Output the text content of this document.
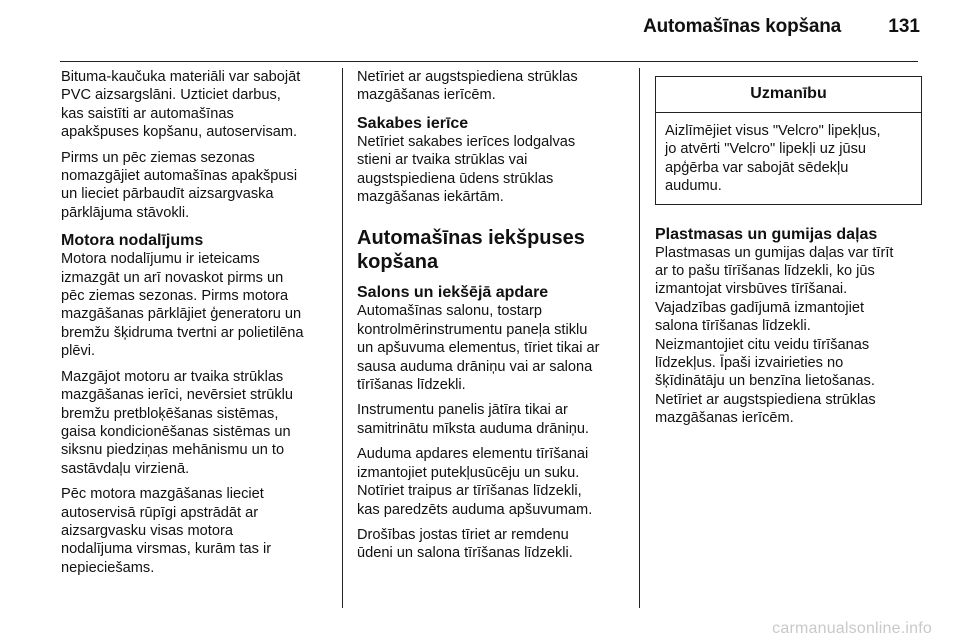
Automašīnas kopšana 131

Bituma-kaučuka materiāli var sabojāt
PVC aizsargslāni. Uzticiet darbus,
kas saistīti ar automašīnas
apakšpuses kopšanu, autoservisam.

Pirms un pēc ziemas sezonas
nomazgājiet automašīnas apakšpusi
un lieciet pārbaudīt aizsargvaska
pārklājuma stāvokli.

Motora nodalījums

Motora nodalījumu ir ieteicams
izmazgāt un arī novaskot pirms un
pēc ziemas sezonas. Pirms motora
mazgāšanas pārklājiet ģeneratoru un
bremžu šķidruma tvertni ar polietilēna
plēvi.

Mazgājot motoru ar tvaika strūklas
mazgāšanas ierīci, nevērsiet strūklu
bremžu pretbloķēšanas sistēmas,
gaisa kondicionēšanas sistēmas un
siksnu piedziņas mehānismu un to
sastāvdaļu virzienā.

Pēc motora mazgāšanas lieciet
autoservisā rūpīgi apstrādāt ar
aizsargvasku visas motora
nodalījuma virsmas, kurām tas ir
nepieciešams.

Netīriet ar augstspiediena strūklas
mazgāšanas ierīcēm.

Sakabes ierīce

Netīriet sakabes ierīces lodgalvas
stieni ar tvaika strūklas vai
augstspiediena ūdens strūklas
mazgāšanas iekārtām.

Automašīnas iekšpuses
kopšana
Salons un iekšējā apdare

Automašīnas salonu, tostarp
kontrolmērinstrumentu paneļa stiklu
un apšuvuma elementus, tīriet tikai ar
sausa auduma drāniņu vai ar salona
tīrīšanas līdzekli.

Instrumentu panelis jātīra tikai ar
samitrinātu mīksta auduma drāniņu.

Auduma apdares elementu tīrīšanai
izmantojiet putekļusūcēju un suku.
Notīriet traipus ar tīrīšanas līdzekli,
kas paredzēts auduma apšuvumam.

Drošības jostas tīriet ar remdenu
ūdeni un salona tīrīšanas līdzekli.

Uzmanību
Aizlīmējiet visus "Velcro" lipekļus,
jo atvērti "Velcro" lipekļi uz jūsu
apģērba var sabojāt sēdekļu
audumu.
Plastmasas un gumijas daļas

Plastmasas un gumijas daļas var tīrīt
ar to pašu tīrīšanas līdzekli, ko jūs
izmantojat virsbūves tīrīšanai.
Vajadzības gadījumā izmantojiet
salona tīrīšanas līdzekli.
Neizmantojiet citu veidu tīrīšanas
līdzekļus. Īpaši izvairieties no
šķīdinātāju un benzīna lietošanas.
Netīriet ar augstspiediena strūklas
mazgāšanas ierīcēm.

carmanualsonline.info
